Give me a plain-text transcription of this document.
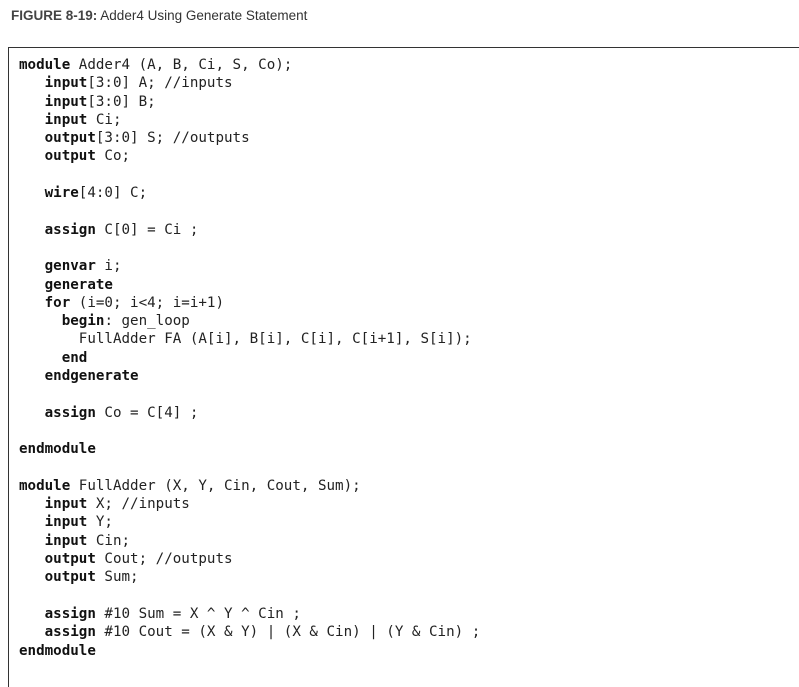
FIGURE 8-19: Adder4 Using Generate Statement
module Adder4 (A, B, Ci, S, Co);
input[3:0] A; //inputs
input[3:0] B;
input Ci;
output[3:0] S; //outputs
output Co;
wire[4:0] C;
assign C[0] = Ci ;
genvar i;
generate
for (i=0; i<4; i=i+1)
begin: gen_loop
FullAdder FA (A[i], B[i], C[i], C[i+1], S[i]);
end
endgenerate
assign Co = C[4] ;
endmodule
module FullAdder (X, Y, Cin, Cout, Sum);
input X; //inputs
input Y;
input Cin;
output Cout; //outputs
output Sum;
assign #10 Sum = X ^ Y ^ Cin ;
assign #10 Cout = (X & Y) | (X & Cin) | (Y & Cin) ;
endmodule
